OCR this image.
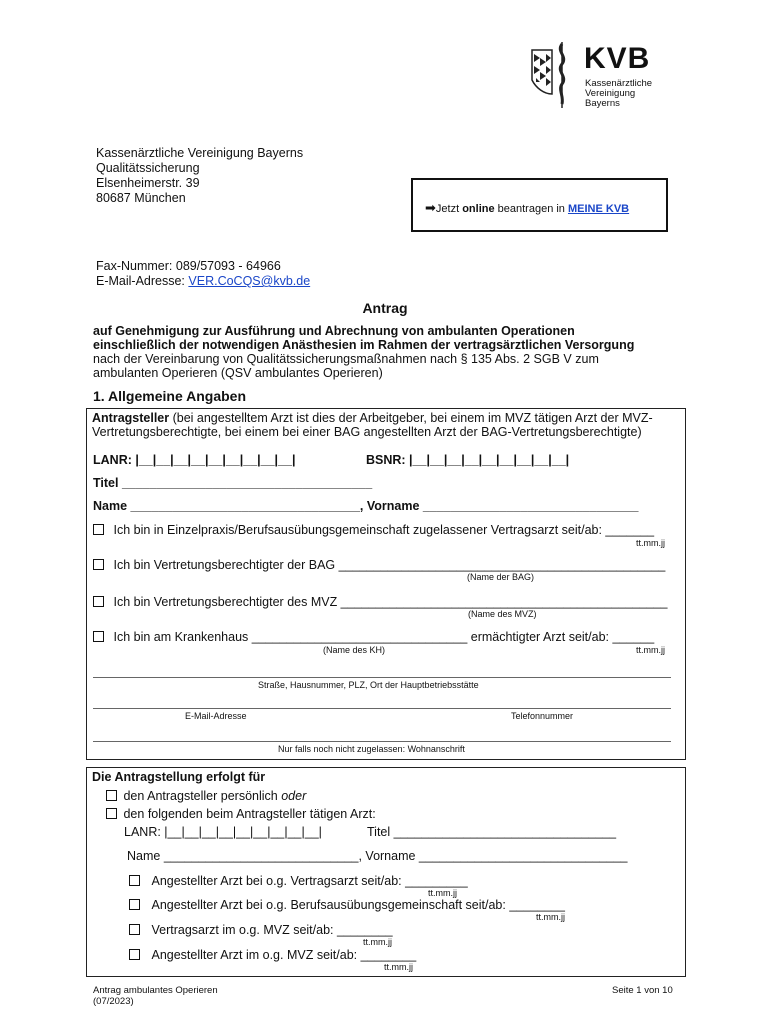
KVB
Kassenärztliche
Vereinigung
Bayerns
Kassenärztliche Vereinigung Bayerns
Qualitätssicherung
Elsenheimerstr. 39
80687 München
➡Jetzt online beantragen in MEINE KVB
Fax-Nummer: 089/57093 - 64966
E-Mail-Adresse: VER.CoCQS@kvb.de
Antrag
auf Genehmigung zur Ausführung und Abrechnung von ambulanten Operationen
einschließlich der notwendigen Anästhesien im Rahmen der vertragsärztlichen Versorgung
nach der Vereinbarung von Qualitätssicherungsmaßnahmen nach § 135 Abs. 2 SGB V zum
ambulanten Operieren (QSV ambulantes Operieren)
1. Allgemeine Angaben
Antragsteller (bei angestelltem Arzt ist dies der Arbeitgeber, bei einem im MVZ tätigen Arzt der MVZ-
Vertretungsberechtigte, bei einem bei einer BAG angestellten Arzt der BAG-Vertretungsberechtigte)
LANR: |__|__|__|__|__|__|__|__|__|	BSNR: |__|__|__|__|__|__|__|__|__|
Titel ____________________________________
Name _________________________________, Vorname _______________________________
Ich bin in Einzelpraxis/Berufsausübungsgemeinschaft zugelassener Vertragsarzt seit/ab: _______
tt.mm.jj
Ich bin Vertretungsberechtigter der BAG _______________________________________________
(Name der BAG)
Ich bin Vertretungsberechtigter des MVZ _______________________________________________
(Name des MVZ)
Ich bin am Krankenhaus _______________________________ ermächtigter Arzt seit/ab: ______
(Name des KH)	tt.mm.jj
Straße, Hausnummer, PLZ, Ort der Hauptbetriebsstätte
E-Mail-Adresse	Telefonnummer
Nur falls noch nicht zugelassen: Wohnanschrift
Die Antragstellung erfolgt für
den Antragsteller persönlich oder
den folgenden beim Antragsteller tätigen Arzt:
LANR: |__|__|__|__|__|__|__|__|__|	Titel ________________________________
Name ____________________________, Vorname ______________________________
Angestellter Arzt bei o.g. Vertragsarzt seit/ab: _________
tt.mm.jj
Angestellter Arzt bei o.g. Berufsausübungsgemeinschaft seit/ab: ________
tt.mm.jj
Vertragsarzt im o.g. MVZ seit/ab: ________
tt.mm.jj
Angestellter Arzt im o.g. MVZ seit/ab: ________
tt.mm.jj
Antrag ambulantes Operieren
(07/2023)
Seite 1 von 10
